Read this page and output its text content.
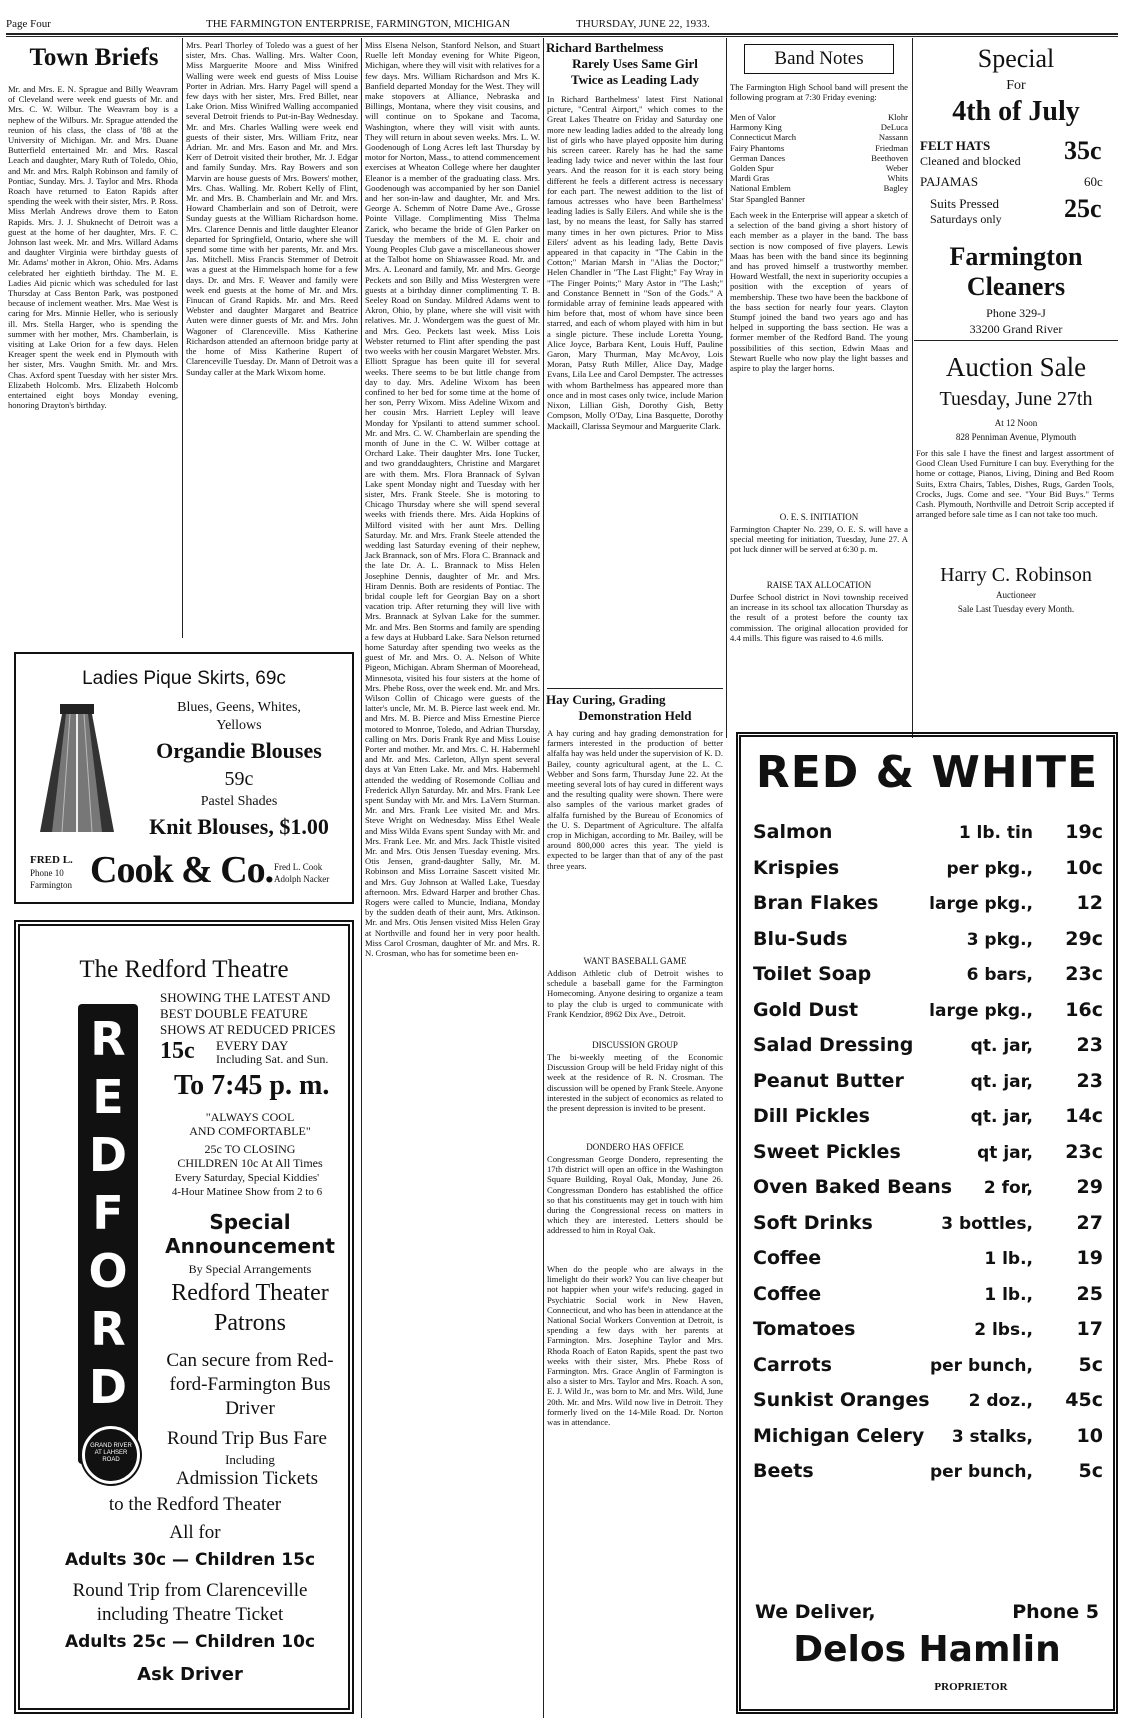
Page Four	THE FARMINGTON ENTERPRISE, FARMINGTON, MICHIGAN	THURSDAY, JUNE 22, 1933.
Town Briefs
Mr. and Mrs. E. N. Sprague and Billy Weavram of Cleveland were week end guests of Mr. and Mrs. C. W. Wilbur. The Weavram boy is a nephew of the Wilburs. Mr. Sprague attended the reunion of his class, the class of '88 at the University of Michigan. Mr. and Mrs. Duane Butterfield entertained Mr. and Mrs. Rascal Leach and daughter, Mary Ruth of Toledo, Ohio, and Mr. and Mrs. Ralph Robinson and family of Pontiac, Sunday. Mrs. J. Taylor and Mrs. Rhoda Roach have returned to Eaton Rapids after spending the week with their sister, Mrs. P. Ross. Miss Merlah Andrews drove them to Eaton Rapids. Mrs. J. J. Shuknecht of Detroit was a guest at the home of her daughter, Mrs. F. C. Johnson last week. Mr. and Mrs. Willard Adams and daughter Virginia were birthday guests of Mr. Adams' mother in Akron, Ohio. Mrs. Adams celebrated her eightieth birthday. The M. E. Ladies Aid picnic which was scheduled for last Thursday at Cass Benton Park, was postponed because of inclement weather. Mrs. Mae West is caring for Mrs. Minnie Heller, who is seriously ill. Mrs. Stella Harger, who is spending the summer with her mother, Mrs. Chamberlain, is visiting at Lake Orion for a few days. Helen Kreager spent the week end in Plymouth with her sister, Mrs. Vaughn Smith. Mr. and Mrs. Chas. Axford spent Tuesday with her sister Mrs. Elizabeth Holcomb. Mrs. Elizabeth Holcomb entertained eight boys Monday evening, honoring Drayton's birthday.
Mrs. Pearl Thorley of Toledo was a guest of her sister, Mrs. Chas. Walling. Mrs. Walter Coon, Miss Marguerite Moore and Miss Winifred Walling were week end guests of Miss Louise Porter in Adrian. Mrs. Harry Pagel will spend a few days with her sister, Mrs. Fred Billet, near Lake Orion. Miss Winifred Walling accompanied several Detroit friends to Put-in-Bay Wednesday. Mr. and Mrs. Charles Walling were week end guests of their sister, Mrs. William Fritz, near Adrian. Mr. and Mrs. Eason and Mr. and Mrs. Kerr of Detroit visited their brother, Mr. J. Edgar and family Sunday. Mrs. Ray Bowers and son Marvin are house guests of Mrs. Bowers' mother, Mrs. Chas. Walling. Mr. Robert Kelly of Flint, Mr. and Mrs. B. Chamberlain and Mr. and Mrs. Howard Chamberlain and son of Detroit, were Sunday guests at the William Richardson home. Mrs. Clarence Dennis and little daughter Eleanor departed for Springfield, Ontario, where she will spend some time with her parents, Mr. and Mrs. Jas. Mitchell. Miss Francis Stemmer of Detroit was a guest at the Himmelspach home for a few days. Dr. and Mrs. F. Weaver and family were week end guests at the home of Mr. and Mrs. Finucan of Grand Rapids. Mr. and Mrs. Reed Webster and daughter Margaret and Beatrice Auten were dinner guests of Mr. and Mrs. John Wagoner of Clarenceville. Miss Katherine Richardson attended an afternoon bridge party at the home of Miss Katherine Rupert of Clarenceville Tuesday. Dr. Mann of Detroit was a Sunday caller at the Mark Wixom home.
Ladies Pique Skirts, 69c
Blues, Geens, Whites,
Yellows
Organdie Blouses
59c
Pastel Shades
Knit Blouses, $1.00
FRED L.
Phone 10
Farmington Cook & Co. Fred L. Cook
Adolph Nacker
The Redford Theatre
R
E
D
F
O
R
D
GRAND RIVER AT LAHSER ROAD
SHOWING THE LATEST AND
BEST DOUBLE FEATURE
SHOWS AT REDUCED PRICES
15c EVERY DAY
Including Sat. and Sun.
To 7:45 p. m.
"ALWAYS COOL
AND COMFORTABLE"
25c TO CLOSING
CHILDREN 10c At All Times
Every Saturday, Special Kiddies'
4-Hour Matinee Show from 2 to 6
Special
Announcement
By Special Arrangements
Redford Theater
Patrons
Can secure from Red-
ford-Farmington Bus
Driver
Round Trip Bus Fare
Including
Admission Tickets
to the Redford Theater
All for
Adults 30c — Children 15c
Round Trip from Clarenceville
including Theatre Ticket
Adults 25c — Children 10c
Ask Driver
Miss Elsena Nelson, Stanford Nelson, and Stuart Ruelle left Monday evening for White Pigeon, Michigan, where they will visit with relatives for a few days. Mrs. William Richardson and Mrs K. Banfield departed Monday for the West. They will make stopovers at Alliance, Nebraska and Billings, Montana, where they visit cousins, and will continue on to Spokane and Tacoma, Washington, where they will visit with aunts. They will return in about seven weeks. Mrs. L. W. Goodenough of Long Acres left last Thursday by motor for Norton, Mass., to attend commencement exercises at Wheaton College where her daughter Eleanor is a member of the graduating class. Mrs. Goodenough was accompanied by her son Daniel and her son-in-law and daughter, Mr. and Mrs. George A. Schemm of Notre Dame Ave., Grosse Pointe Village. Complimenting Miss Thelma Zarick, who became the bride of Glen Parker on Tuesday the members of the M. E. choir and Young Peoples Club gave a miscellaneous shower at the Talbot home on Shiawassee Road. Mr. and Mrs. A. Leonard and family, Mr. and Mrs. George Peckets and son Billy and Miss Westergren were guests at a birthday dinner complimenting T. B. Seeley Road on Sunday. Mildred Adams went to Akron, Ohio, by plane, where she will visit with relatives. Mr. J. Wondergem was the guest of Mr. and Mrs. Geo. Peckets last week. Miss Lois Webster returned to Flint after spending the past two weeks with her cousin Margaret Webster. Mrs. Elliott Sprague has been quite ill for several weeks. There seems to be but little change from day to day. Mrs. Adeline Wixom has been confined to her bed for some time at the home of her son, Perry Wixom. Miss Adeline Wixom and her cousin Mrs. Harriett Lepley will leave Monday for Ypsilanti to attend summer school. Mr. and Mrs. C. W. Chamberlain are spending the month of June in the C. W. Wilber cottage at Orchard Lake. Their daughter Mrs. Ione Tucker, and two granddaughters, Christine and Margaret are with them. Mrs. Flora Brannack of Sylvan Lake spent Monday night and Tuesday with her sister, Mrs. Frank Steele. She is motoring to Chicago Thursday where she will spend several weeks with friends there. Mrs. Aida Hopkins of Milford visited with her aunt Mrs. Delling Saturday. Mr. and Mrs. Frank Steele attended the wedding last Saturday evening of their nephew, Jack Brannack, son of Mrs. Flora C. Brannack and the late Dr. A. L. Brannack to Miss Helen Josephine Dennis, daughter of Mr. and Mrs. Hiram Dennis. Both are residents of Pontiac. The bridal couple left for Georgian Bay on a short vacation trip. After returning they will live with Mrs. Brannack at Sylvan Lake for the summer. Mr. and Mrs. Ben Storms and family are spending a few days at Hubbard Lake. Sara Nelson returned home Saturday after spending two weeks as the guest of Mr. and Mrs. O. A. Nelson of White Pigeon, Michigan. Abram Sherman of Moorehead, Minnesota, visited his four sisters at the home of Mrs. Phebe Ross, over the week end. Mr. and Mrs. Wilson Collin of Chicago were guests of the latter's uncle, Mr. M. B. Pierce last week end. Mr. and Mrs. M. B. Pierce and Miss Ernestine Pierce motored to Monroe, Toledo, and Adrian Thursday, calling on Mrs. Doris Frank Rye and Miss Louise Porter and mother. Mr. and Mrs. C. H. Habermehl and Mr. and Mrs. Carleton, Allyn spent several days at Van Etten Lake. Mr. and Mrs. Habermehl attended the wedding of Rosemonde Colliau and Frederick Allyn Saturday. Mr. and Mrs. Frank Lee spent Sunday with Mr. and Mrs. LaVern Sturman. Mr. and Mrs. Frank Lee visited Mr. and Mrs. Steve Wright on Wednesday. Miss Ethel Weale and Miss Wilda Evans spent Sunday with Mr. and Mrs. Frank Lee. Mr. and Mrs. Jack Thistle visited Mr. and Mrs. Otis Jensen Tuesday evening. Mrs. Otis Jensen, grand-daughter Sally, Mr. M. Robinson and Miss Lorraine Sascett visited Mr. and Mrs. Guy Johnson at Walled Lake, Tuesday afternoon. Mrs. Edward Harper and brother Chas. Rogers were called to Muncie, Indiana, Monday by the sudden death of their aunt, Mrs. Atkinson. Mr. and Mrs. Otis Jensen visited Miss Helen Gray at Northville and found her in very poor health. Miss Carol Crosman, daughter of Mr. and Mrs. R. N. Crosman, who has for sometime been en-
Richard Barthelmess
Rarely Uses Same Girl
Twice as Leading Lady
In Richard Barthelmess' latest First National picture, "Central Airport," which comes to the Great Lakes Theatre on Friday and Saturday one more new leading ladies added to the already long list of girls who have played opposite him during his screen career. Rarely has he had the same leading lady twice and never within the last four years. And the reason for it is each story being different he feels a different actress is necessary for each part. The newest addition to the list of famous actresses who have been Barthelmess' leading ladies is Sally Eilers. And while she is the last, by no means the least, for Sally has starred many times in her own pictures. Prior to Miss Eilers' advent as his leading lady, Bette Davis appeared in that capacity in "The Cabin in the Cotton;" Marian Marsh in "Alias the Doctor;" Helen Chandler in "The Last Flight;" Fay Wray in "The Finger Points;" Mary Astor in "The Lash;" and Constance Bennett in "Son of the Gods." A formidable array of feminine leads appeared with him before that, most of whom have since been starred, and each of whom played with him in but a single picture. These include Loretta Young, Alice Joyce, Barbara Kent, Louis Huff, Pauline Garon, Mary Thurman, May McAvoy, Lois Moran, Patsy Ruth Miller, Alice Day, Madge Evans, Lila Lee and Carol Dempster. The actresses with whom Barthelmess has appeared more than once and in most cases only twice, include Marion Nixon, Lillian Gish, Dorothy Gish, Betty Compson, Molly O'Day, Lina Basquette, Dorothy Mackaill, Clarissa Seymour and Marguerite Clark.
Hay Curing, Grading
Demonstration Held
A hay curing and hay grading demonstration for farmers interested in the production of better alfalfa hay was held under the supervision of K. D. Bailey, county agricultural agent, at the L. C. Webber and Sons farm, Thursday June 22. At the meeting several lots of hay cured in different ways and the resulting quality were shown. There were also samples of the various market grades of alfalfa furnished by the Bureau of Economics of the U. S. Department of Agriculture. The alfalfa crop in Michigan, according to Mr. Bailey, will be around 800,000 acres this year. The yield is expected to be larger than that of any of the past three years.
WANT BASEBALL GAME
Addison Athletic club of Detroit wishes to schedule a baseball game for the Farmington Homecoming. Anyone desiring to organize a team to play the club is urged to communicate with Frank Kendzior, 8962 Dix Ave., Detroit.
DISCUSSION GROUP
The bi-weekly meeting of the Economic Discussion Group will be held Friday night of this week at the residence of R. N. Crosman. The discussion will be opened by Frank Steele. Anyone interested in the subject of economics as related to the present depression is invited to be present.
DONDERO HAS OFFICE
Congressman George Dondero, representing the 17th district will open an office in the Washington Square Building, Royal Oak, Monday, June 26. Congressman Dondero has established the office so that his constituents may get in touch with him during the Congressional recess on matters in which they are interested. Letters should be addressed to him in Royal Oak.
When do the people who are always in the limelight do their work? You can live cheaper but not happier when your wife's reducing. gaged in Psychiatric Social work in New Haven, Connecticut, and who has been in attendance at the National Social Workers Convention at Detroit, is spending a few days with her parents at Farmington. Mrs. Josephine Taylor and Mrs. Rhoda Roach of Eaton Rapids, spent the past two weeks with their sister, Mrs. Phebe Ross of Farmington. Mrs. Grace Anglin of Farmington is also a sister to Mrs. Taylor and Mrs. Roach. A son, E. J. Wild Jr., was born to Mr. and Mrs. Wild, June 20th. Mr. and Mrs. Wild now live in Detroit. They formerly lived on the 14-Mile Road. Dr. Norton was in attendance.
Band Notes
The Farmington High School band will present the following program at 7:30 Friday evening:
Men of Valor	Klohr
Harmony King	DeLuca
Connecticut March	Nassann
Fairy Phantoms	Friedman
German Dances	Beethoven
Golden Spur	Weber
Mardi Gras	Whits
National Emblem	Bagley
Star Spangled Banner
Each week in the Enterprise will appear a sketch of a selection of the band giving a short history of each member as a player in the band. The bass section is now composed of five players. Lewis Maas has been with the band since its beginning and has proved himself a trustworthy member. Howard Westfall, the next in superiority occupies a position with the exception of years of membership. These two have been the backbone of the bass section for nearly four years. Clayton Stumpf joined the band two years ago and has helped in supporting the bass section. He was a former member of the Redford Band. The young possibilities of this section, Edwin Maas and Stewart Ruelle who now play the light basses and aspire to play the larger horns.
O. E. S. INITIATION
Farmington Chapter No. 239, O. E. S. will have a special meeting for initiation, Tuesday, June 27. A pot luck dinner will be served at 6:30 p. m.
RAISE TAX ALLOCATION
Durfee School district in Novi township received an increase in its school tax allocation Thursday as the result of a protest before the county tax commission. The original allocation provided for 4.4 mills. This figure was raised to 4.6 mills.
Special
For
4th of July
FELT HATS
Cleaned and blocked 35c
PAJAMAS	60c
Suits Pressed
Saturdays only 25c
Farmington
Cleaners
Phone 329-J
33200 Grand River
Auction Sale
Tuesday, June 27th
At 12 Noon
828 Penniman Avenue, Plymouth
For this sale I have the finest and largest assortment of Good Clean Used Furniture I can buy. Everything for the home or cottage, Pianos, Living, Dining and Bed Room Suits, Extra Chairs, Tables, Dishes, Rugs, Garden Tools, Crocks, Jugs. Come and see. "Your Bid Buys." Terms Cash. Plymouth, Northville and Detroit Scrip accepted if arranged before sale time as I can not take too much.
Harry C. Robinson
Auctioneer
Sale Last Tuesday every Month.
RED & WHITE
Salmon	1 lb. tin	19c
Krispies	per pkg.,	10c
Bran Flakes	large pkg.,	12
Blu-Suds	3 pkg.,	29c
Toilet Soap	6 bars,	23c
Gold Dust	large pkg.,	16c
Salad Dressing	qt. jar,	23
Peanut Butter	qt. jar,	23
Dill Pickles	qt. jar,	14c
Sweet Pickles	qt jar,	23c
Oven Baked Beans	2 for,	29
Soft Drinks	3 bottles,	27
Coffee	1 lb.,	19
Coffee	1 lb.,	25
Tomatoes	2 lbs.,	17
Carrots	per bunch,	5c
Sunkist Oranges	2 doz.,	45c
Michigan Celery	3 stalks,	10
Beets	per bunch,	5c
We Deliver,	Phone 5
Delos Hamlin
PROPRIETOR
